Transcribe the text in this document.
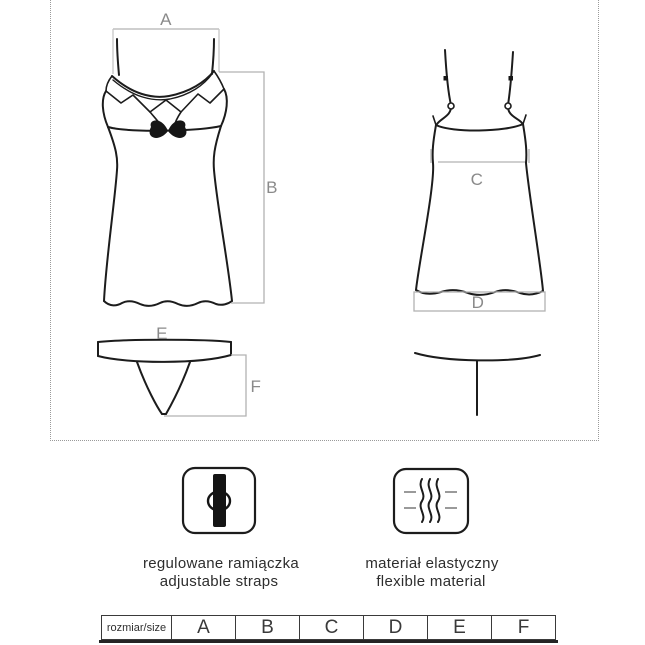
A
B	C
D
E
F
regulowane ramiączka
adjustable straps
materiał elastyczny
flexible material
rozmiar/size	A	B	C	D	E	F
